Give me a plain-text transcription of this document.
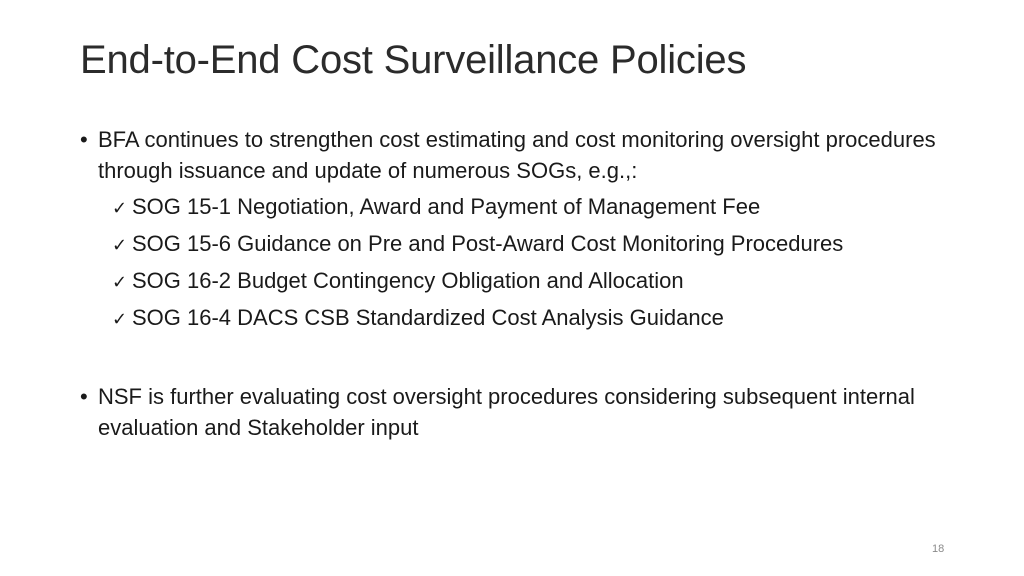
End-to-End Cost Surveillance Policies
• BFA continues to strengthen cost estimating and cost monitoring oversight procedures through issuance and update of numerous SOGs, e.g.,:
✓ SOG 15-1 Negotiation, Award and Payment of Management Fee
✓ SOG 15-6 Guidance on Pre and Post-Award Cost Monitoring Procedures
✓ SOG 16-2 Budget Contingency Obligation and Allocation
✓ SOG 16-4 DACS CSB Standardized Cost Analysis Guidance
• NSF is further evaluating cost oversight procedures considering subsequent internal evaluation and Stakeholder input
18
